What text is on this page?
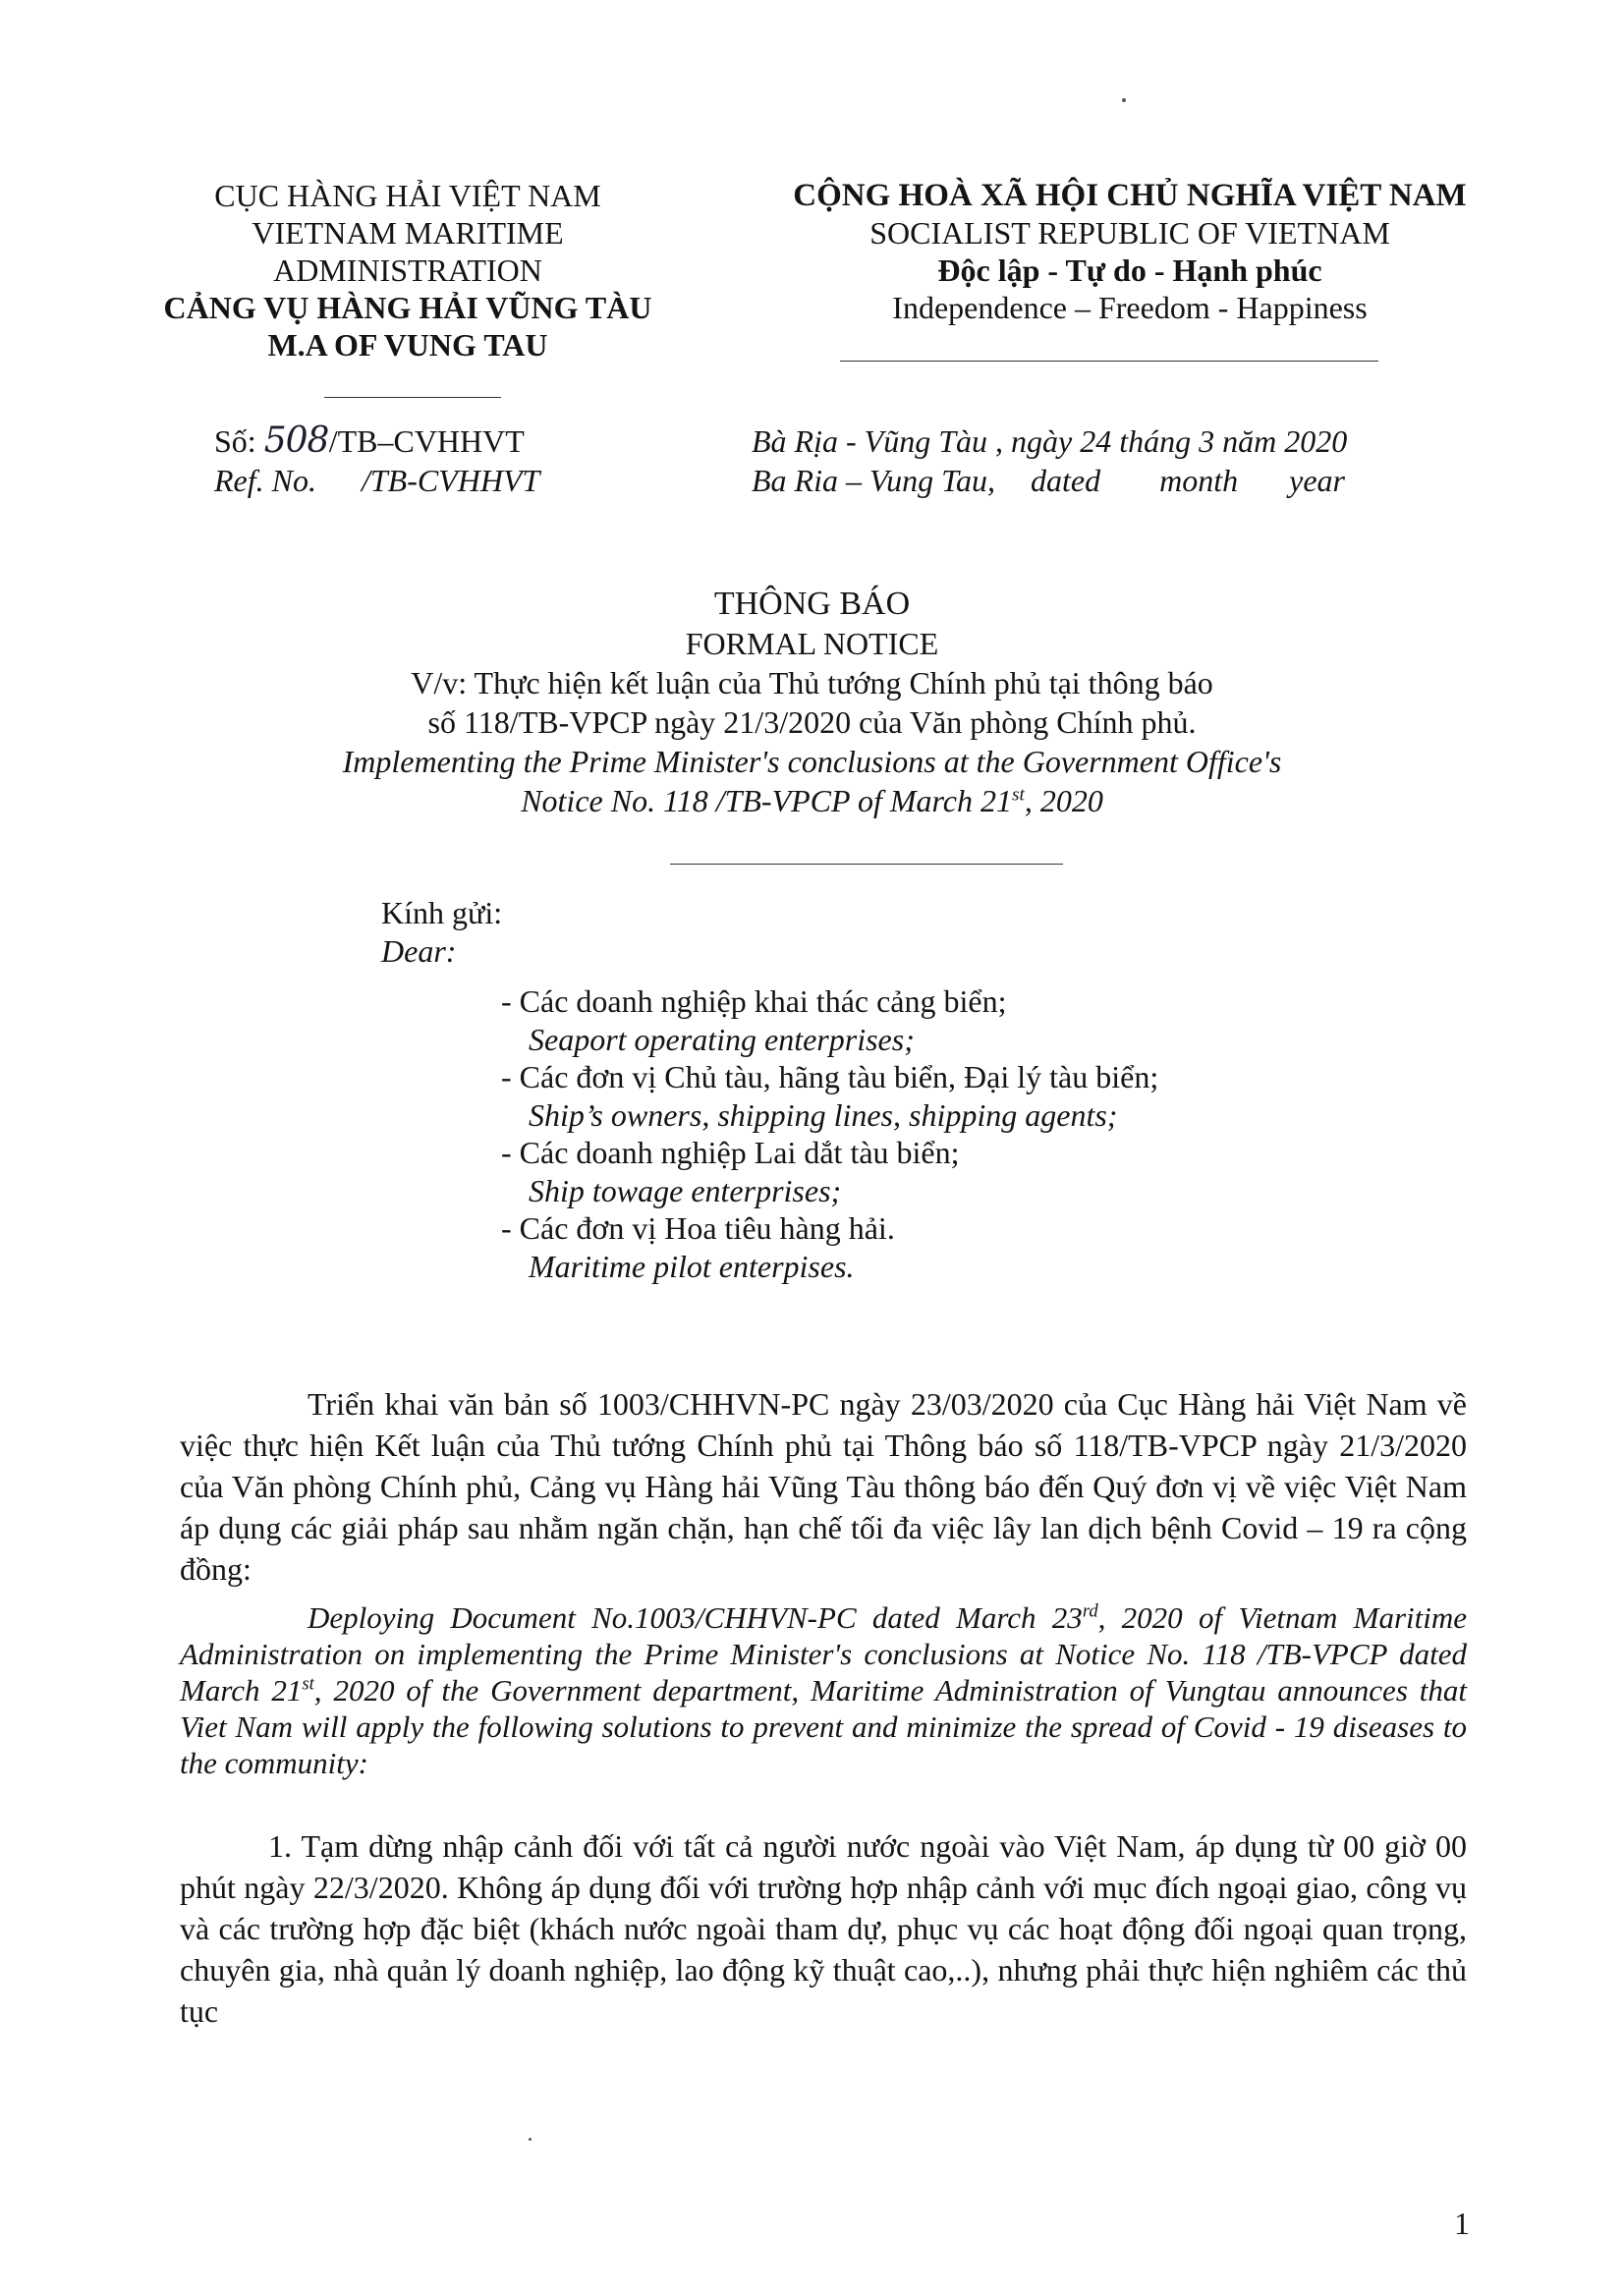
CỤC HÀNG HẢI VIỆT NAM
VIETNAM MARITIME
ADMINISTRATION
CẢNG VỤ HÀNG HẢI VŨNG TÀU
M.A OF VUNG TAU
CỘNG HOÀ XÃ HỘI CHỦ NGHĨA VIỆT NAM
SOCIALIST REPUBLIC OF VIETNAM
Độc lập - Tự do - Hạnh phúc
Independence – Freedom - Happiness
Số: 508 /TB–CVHHVT
Ref. No. /TB-CVHHVT
Bà Rịa - Vũng Tàu , ngày 24 tháng 3 năm 2020
Ba Ria – Vung Tau, dated month year
THÔNG BÁO
FORMAL NOTICE
V/v: Thực hiện kết luận của Thủ tướng Chính phủ tại thông báo
số 118/TB-VPCP ngày 21/3/2020 của Văn phòng Chính phủ.
Implementing the Prime Minister's conclusions at the Government Office's
Notice No. 118 /TB-VPCP of March 21st, 2020
Kính gửi:
Dear:
- Các doanh nghiệp khai thác cảng biển;
Seaport operating enterprises;
- Các đơn vị Chủ tàu, hãng tàu biển, Đại lý tàu biển;
Ship’s owners, shipping lines, shipping agents;
- Các doanh nghiệp Lai dắt tàu biển;
Ship towage enterprises;
- Các đơn vị Hoa tiêu hàng hải.
Maritime pilot enterpises.
Triển khai văn bản số 1003/CHHVN-PC ngày 23/03/2020 của Cục Hàng hải Việt Nam về việc thực hiện Kết luận của Thủ tướng Chính phủ tại Thông báo số 118/TB-VPCP ngày 21/3/2020 của Văn phòng Chính phủ, Cảng vụ Hàng hải Vũng Tàu thông báo đến Quý đơn vị về việc Việt Nam áp dụng các giải pháp sau nhằm ngăn chặn, hạn chế tối đa việc lây lan dịch bệnh Covid – 19 ra cộng đồng:
Deploying Document No.1003/CHHVN-PC dated March 23rd, 2020 of Vietnam Maritime Administration on implementing the Prime Minister's conclusions at Notice No. 118 /TB-VPCP dated March 21st, 2020 of the Government department, Maritime Administration of Vungtau announces that Viet Nam will apply the following solutions to prevent and minimize the spread of Covid - 19 diseases to the community:
1. Tạm dừng nhập cảnh đối với tất cả người nước ngoài vào Việt Nam, áp dụng từ 00 giờ 00 phút ngày 22/3/2020. Không áp dụng đối với trường hợp nhập cảnh với mục đích ngoại giao, công vụ và các trường hợp đặc biệt (khách nước ngoài tham dự, phục vụ các hoạt động đối ngoại quan trọng, chuyên gia, nhà quản lý doanh nghiệp, lao động kỹ thuật cao,..), nhưng phải thực hiện nghiêm các thủ tục
1
